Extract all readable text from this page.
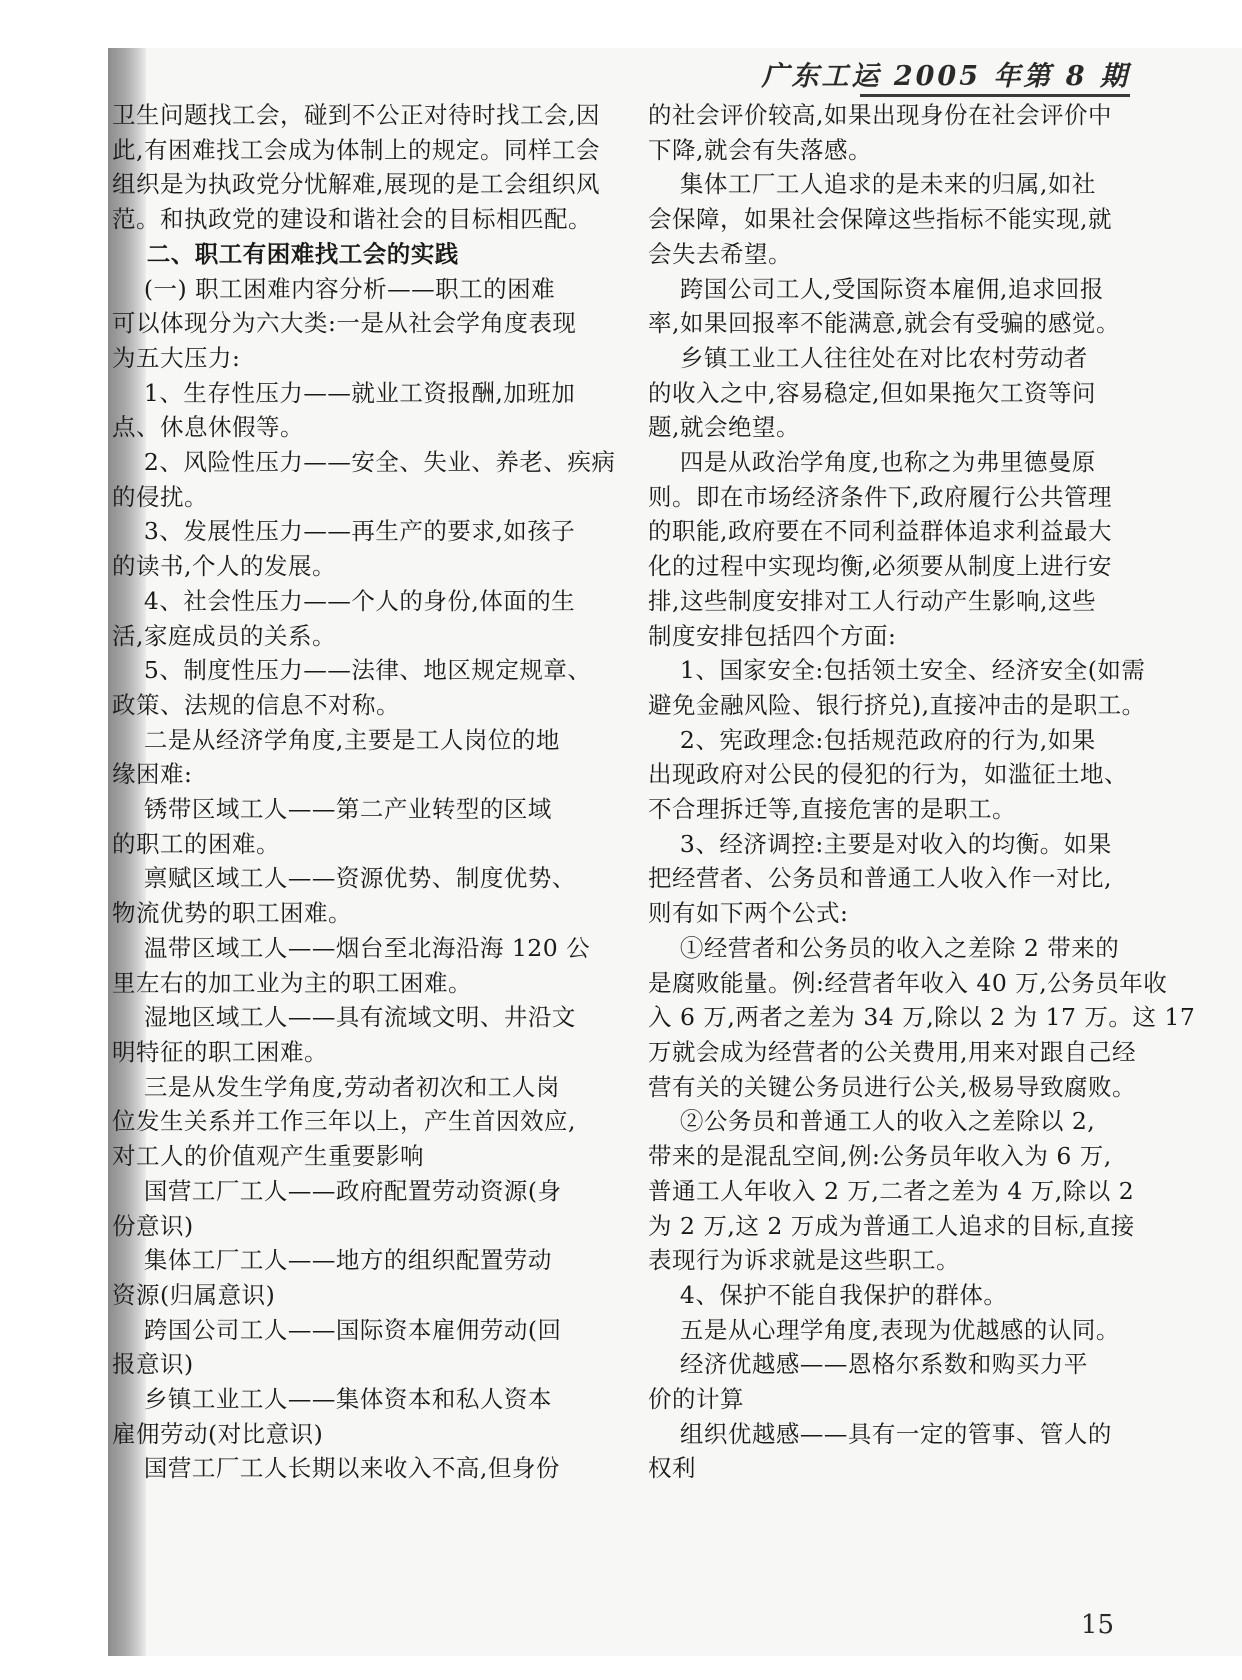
广东工运 2005 年第 8 期

卫生问题找工会，碰到不公正对待时找工会,因

此,有困难找工会成为体制上的规定。同样工会

组织是为执政党分忧解难,展现的是工会组织风

范。和执政党的建设和谐社会的目标相匹配。

二、职工有困难找工会的实践

(一) 职工困难内容分析——职工的困难

可以体现分为六大类:一是从社会学角度表现

为五大压力:

1、生存性压力——就业工资报酬,加班加

点、休息休假等。

2、风险性压力——安全、失业、养老、疾病

的侵扰。

3、发展性压力——再生产的要求,如孩子

的读书,个人的发展。

4、社会性压力——个人的身份,体面的生

活,家庭成员的关系。

5、制度性压力——法律、地区规定规章、

政策、法规的信息不对称。

二是从经济学角度,主要是工人岗位的地

缘困难:

锈带区域工人——第二产业转型的区域

的职工的困难。

禀赋区域工人——资源优势、制度优势、

物流优势的职工困难。

温带区域工人——烟台至北海沿海 120 公

里左右的加工业为主的职工困难。

湿地区域工人——具有流域文明、井沿文

明特征的职工困难。

三是从发生学角度,劳动者初次和工人岗

位发生关系并工作三年以上，产生首因效应,

对工人的价值观产生重要影响

国营工厂工人——政府配置劳动资源(身

份意识)

集体工厂工人——地方的组织配置劳动

资源(归属意识)

跨国公司工人——国际资本雇佣劳动(回

报意识)

乡镇工业工人——集体资本和私人资本

雇佣劳动(对比意识)

国营工厂工人长期以来收入不高,但身份

的社会评价较高,如果出现身份在社会评价中

下降,就会有失落感。

集体工厂工人追求的是未来的归属,如社

会保障，如果社会保障这些指标不能实现,就

会失去希望。

跨国公司工人,受国际资本雇佣,追求回报

率,如果回报率不能满意,就会有受骗的感觉。

乡镇工业工人往往处在对比农村劳动者

的收入之中,容易稳定,但如果拖欠工资等问

题,就会绝望。

四是从政治学角度,也称之为弗里德曼原

则。即在市场经济条件下,政府履行公共管理

的职能,政府要在不同利益群体追求利益最大

化的过程中实现均衡,必须要从制度上进行安

排,这些制度安排对工人行动产生影响,这些

制度安排包括四个方面:

1、国家安全:包括领土安全、经济安全(如需

避免金融风险、银行挤兑),直接冲击的是职工。

2、宪政理念:包括规范政府的行为,如果

出现政府对公民的侵犯的行为，如滥征土地、

不合理拆迁等,直接危害的是职工。

3、经济调控:主要是对收入的均衡。如果

把经营者、公务员和普通工人收入作一对比,

则有如下两个公式:

①经营者和公务员的收入之差除 2 带来的

是腐败能量。例:经营者年收入 40 万,公务员年收

入 6 万,两者之差为 34 万,除以 2 为 17 万。这 17

万就会成为经营者的公关费用,用来对跟自己经

营有关的关键公务员进行公关,极易导致腐败。

②公务员和普通工人的收入之差除以 2,

带来的是混乱空间,例:公务员年收入为 6 万,

普通工人年收入 2 万,二者之差为 4 万,除以 2

为 2 万,这 2 万成为普通工人追求的目标,直接

表现行为诉求就是这些职工。

4、保护不能自我保护的群体。

五是从心理学角度,表现为优越感的认同。

经济优越感——恩格尔系数和购买力平

价的计算

组织优越感——具有一定的管事、管人的

权利

15
